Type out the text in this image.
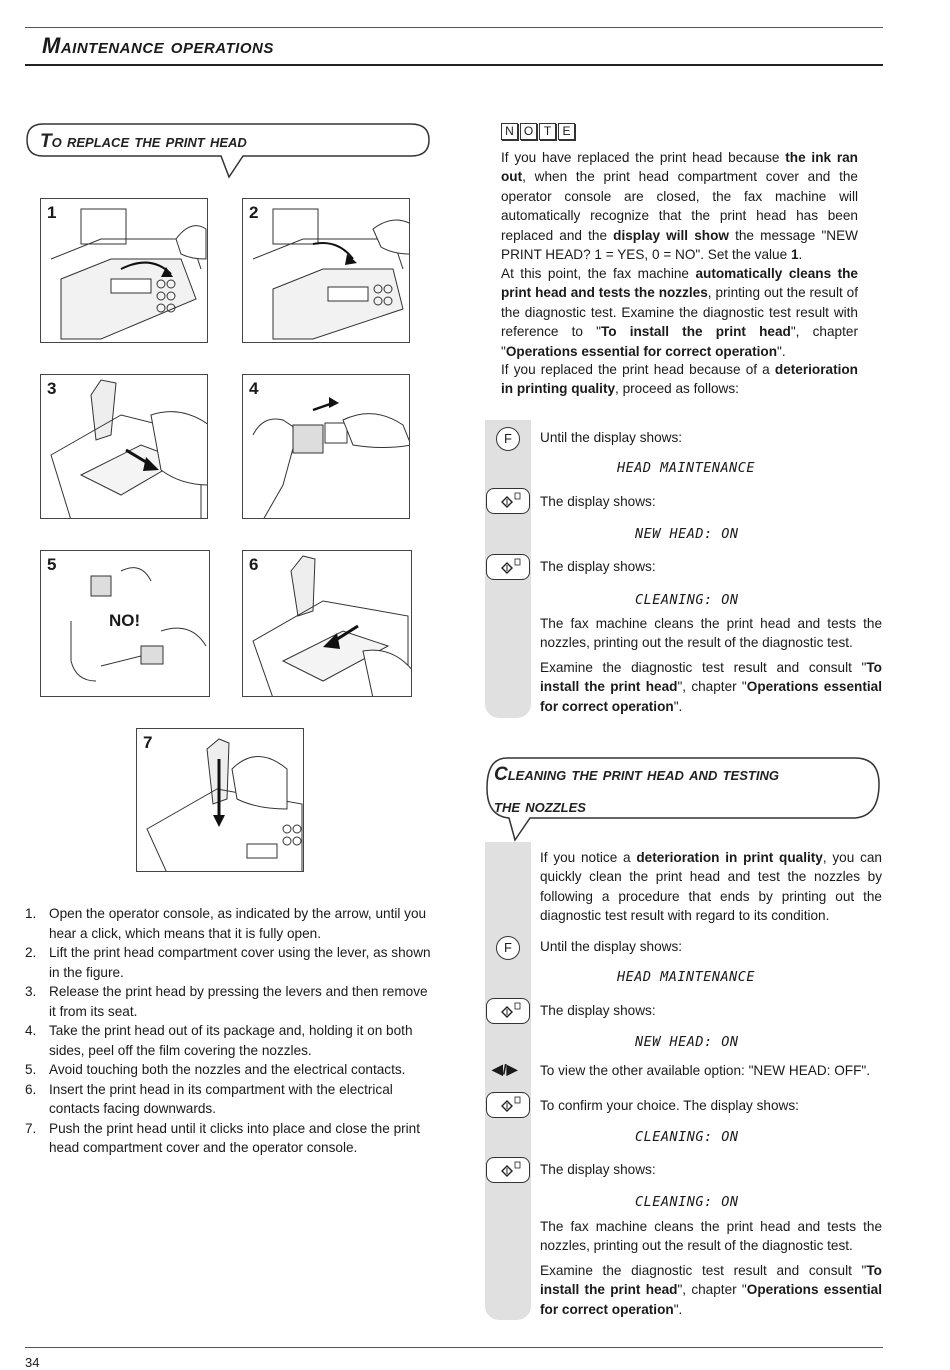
Maintenance operations
To replace the print head
1	2
3	4
5
NO!
6
7
1. Open the operator console, as indicated by the arrow, until you hear a click, which means that it is fully open.
2. Lift the print head compartment cover using the lever, as shown in the figure.
3. Release the print head by pressing the levers and then remove it from its seat.
4. Take the print head out of its package and, holding it on both sides, peel off the film covering the nozzles.
5. Avoid touching both the nozzles and the electrical contacts.
6. Insert the print head in its compartment with the electrical contacts facing downwards.
7. Push the print head until it clicks into place and close the print head compartment cover and the operator console.
N O T E
If you have replaced the print head because the ink ran out, when the print head compartment cover and the operator console are closed, the fax machine will automatically recognize that the print head has been replaced and the display will show the message "NEW PRINT HEAD? 1 = YES, 0 = NO". Set the value 1.
At this point, the fax machine automatically cleans the print head and tests the nozzles, printing out the result of the diagnostic test. Examine the diagnostic test result with reference to "To install the print head", chapter "Operations essential for correct operation".
If you replaced the print head because of a deterioration in printing quality, proceed as follows:
F	Until the display shows:
HEAD MAINTENANCE
The display shows:
NEW HEAD: ON
The display shows:
CLEANING: ON
The fax machine cleans the print head and tests the nozzles, printing out the result of the diagnostic test.
Examine the diagnostic test result and consult "To install the print head", chapter "Operations essential for correct operation".
Cleaning the print head and testing
the nozzles
If you notice a deterioration in print quality, you can quickly clean the print head and test the nozzles by following a procedure that ends by printing out the diagnostic test result with regard to its condition.
F	Until the display shows:
HEAD MAINTENANCE
The display shows:
NEW HEAD: ON
◀/▶ To view the other available option: "NEW HEAD: OFF".
To confirm your choice. The display shows:
CLEANING: ON
The display shows:
CLEANING: ON
The fax machine cleans the print head and tests the nozzles, printing out the result of the diagnostic test.
Examine the diagnostic test result and consult "To install the print head", chapter "Operations essential for correct operation".
34
